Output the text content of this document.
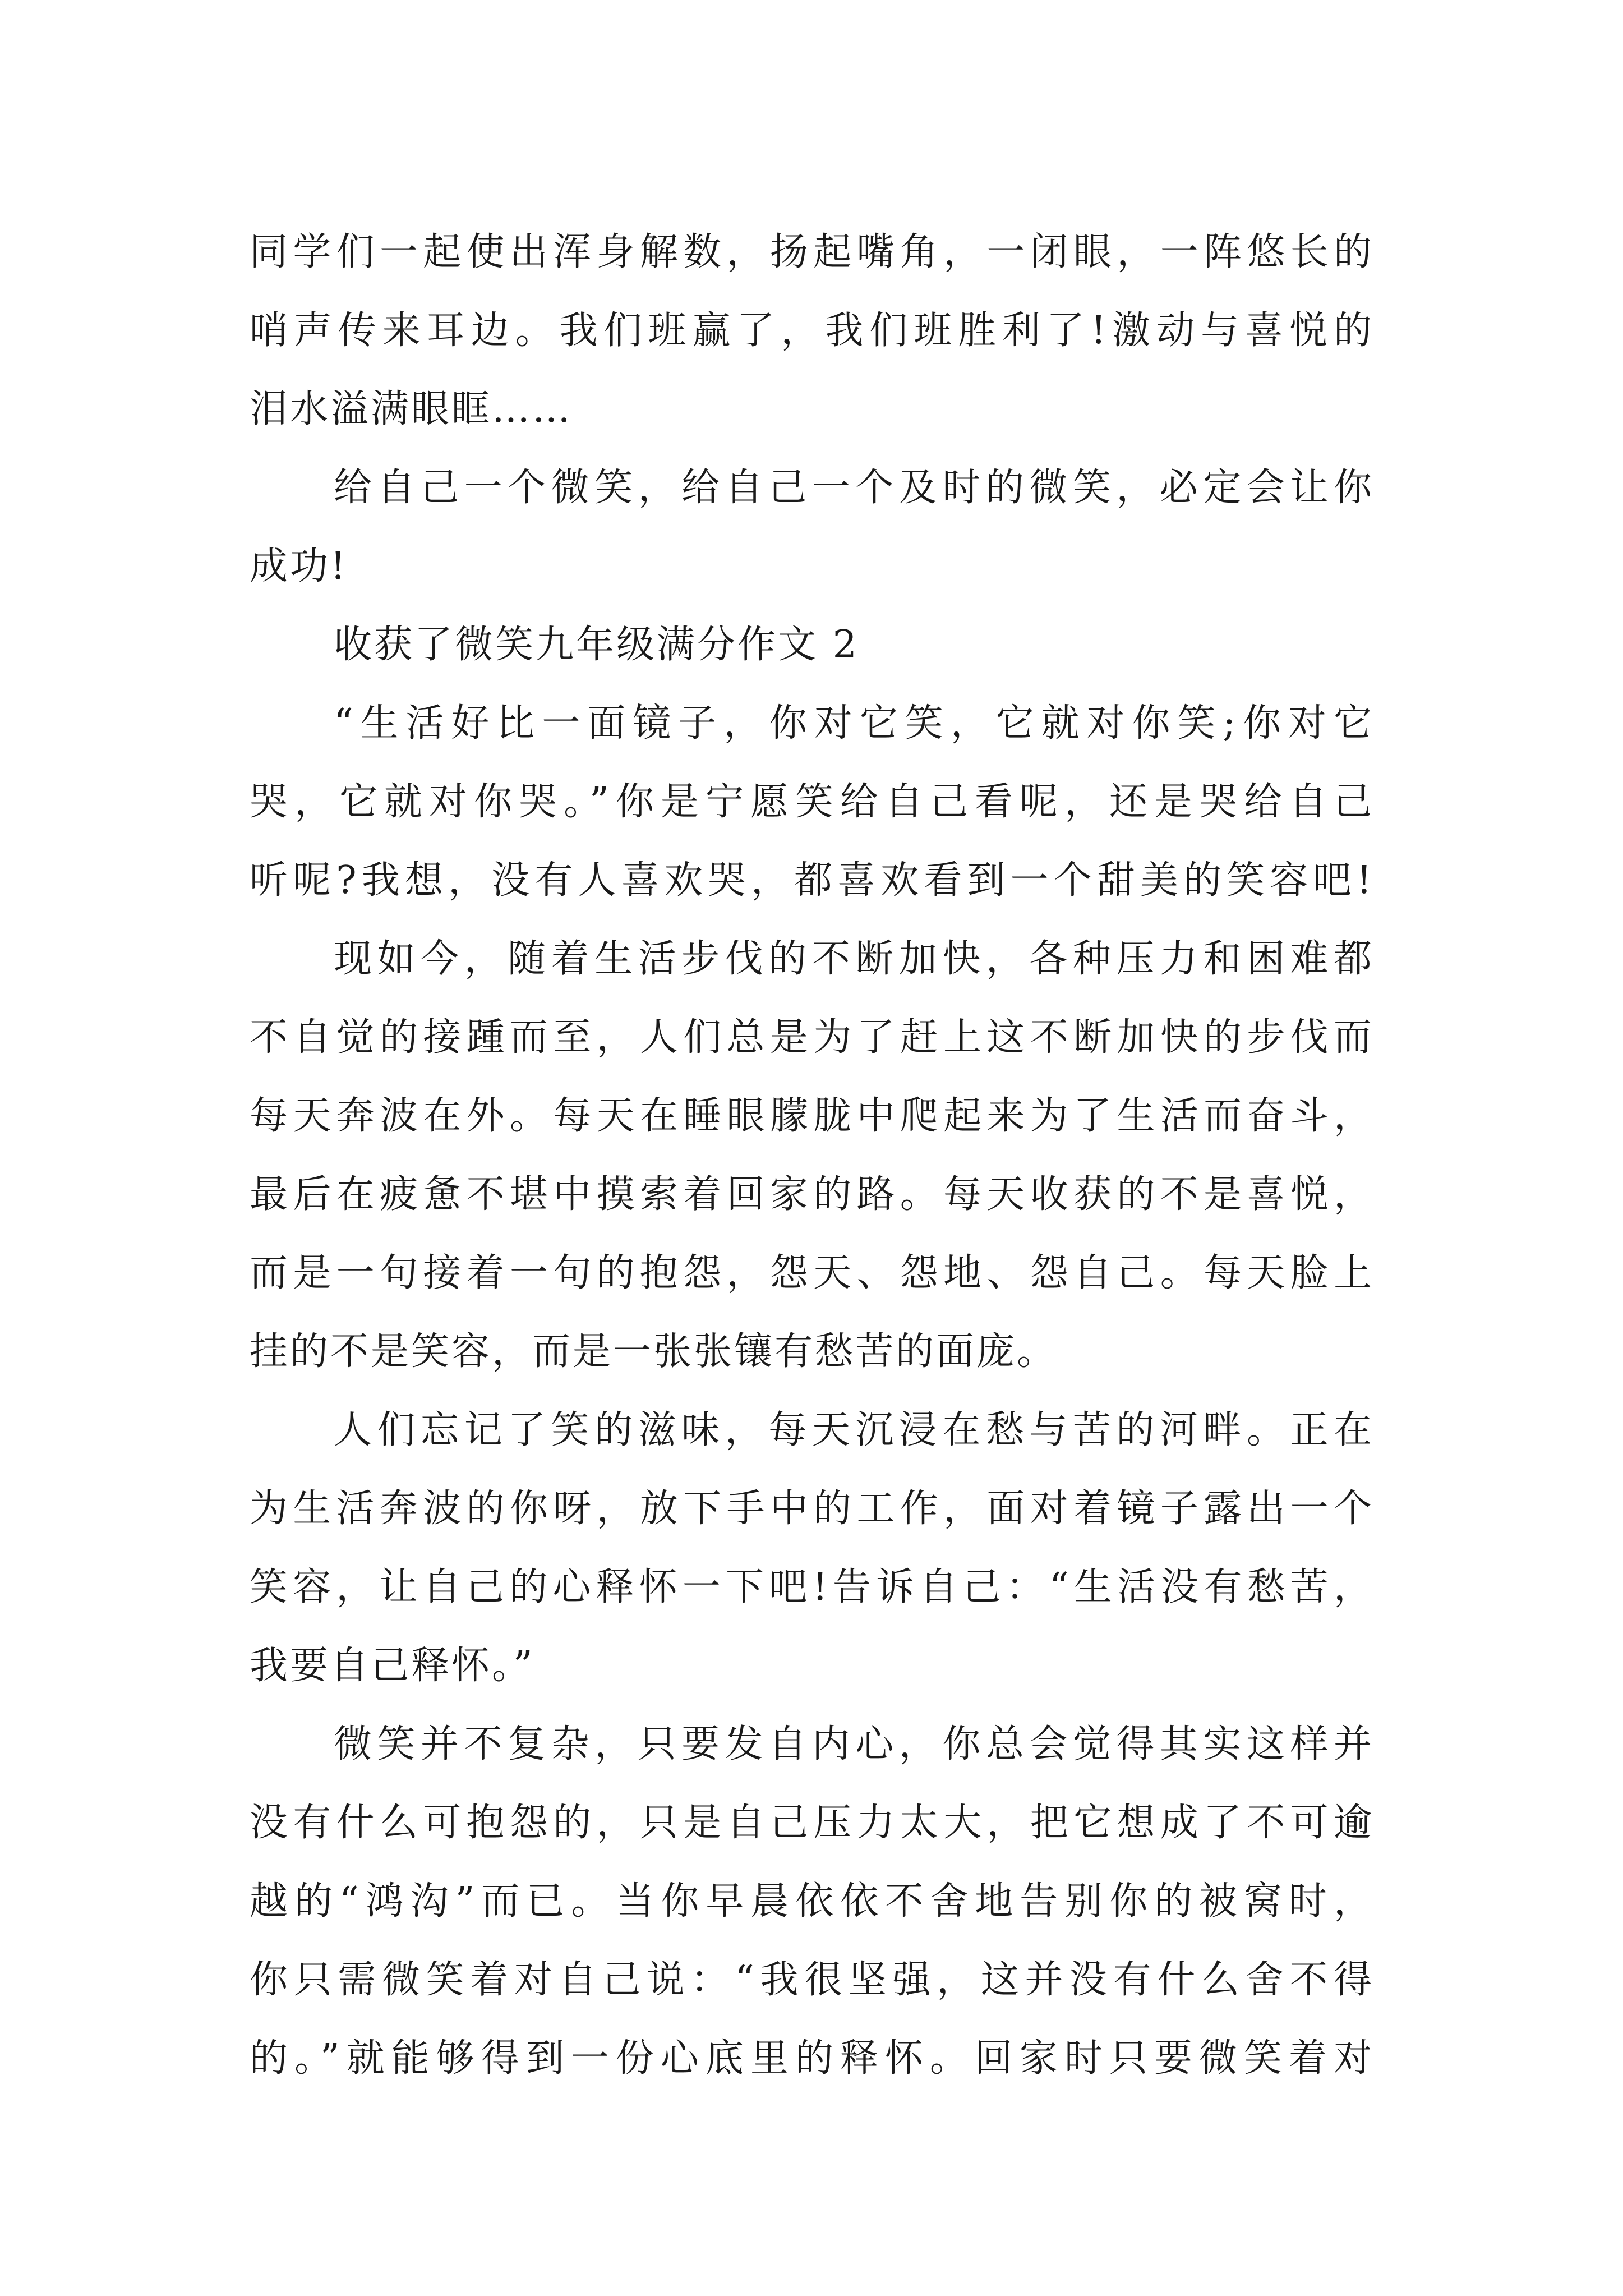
同学们一起使出浑身解数，扬起嘴角，一闭眼，一阵悠长的
哨声传来耳边。我们班赢了，我们班胜利了!激动与喜悦的
泪水溢满眼眶……
给自己一个微笑，给自己一个及时的微笑，必定会让你
成功!
收获了微笑九年级满分作文 2
“生活好比一面镜子，你对它笑，它就对你笑;你对它
哭，它就对你哭。”你是宁愿笑给自己看呢，还是哭给自己
听呢?我想，没有人喜欢哭，都喜欢看到一个甜美的笑容吧!
现如今，随着生活步伐的不断加快，各种压力和困难都
不自觉的接踵而至，人们总是为了赶上这不断加快的步伐而
每天奔波在外。每天在睡眼朦胧中爬起来为了生活而奋斗，
最后在疲惫不堪中摸索着回家的路。每天收获的不是喜悦，
而是一句接着一句的抱怨，怨天、怨地、怨自己。每天脸上
挂的不是笑容，而是一张张镶有愁苦的面庞。
人们忘记了笑的滋味，每天沉浸在愁与苦的河畔。正在
为生活奔波的你呀，放下手中的工作，面对着镜子露出一个
笑容，让自己的心释怀一下吧!告诉自己：“生活没有愁苦，
我要自己释怀。”
微笑并不复杂，只要发自内心，你总会觉得其实这样并
没有什么可抱怨的，只是自己压力太大，把它想成了不可逾
越的“鸿沟”而已。当你早晨依依不舍地告别你的被窝时，
你只需微笑着对自己说：“我很坚强，这并没有什么舍不得
的。”就能够得到一份心底里的释怀。回家时只要微笑着对
